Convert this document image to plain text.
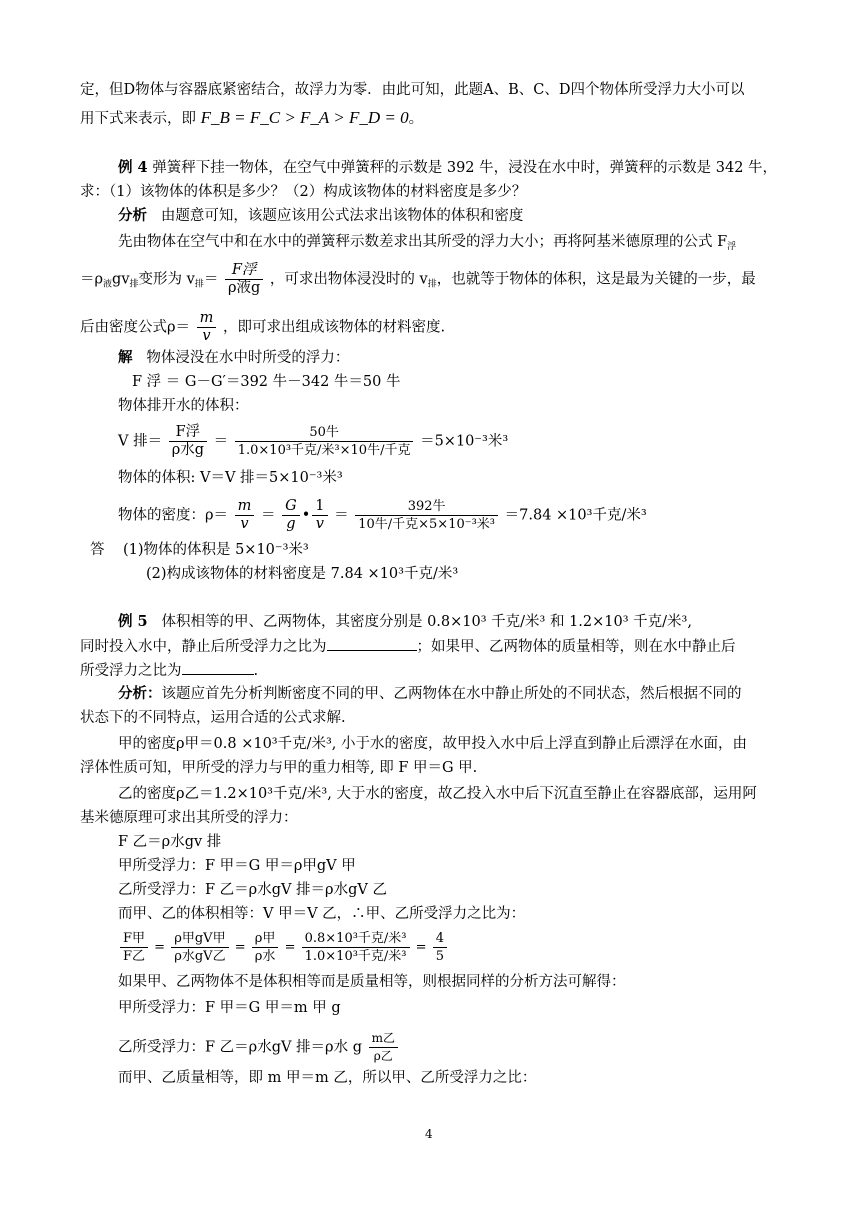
定，但D物体与容器底紧密结合，故浮力为零．由此可知，此题A、B、C、D四个物体所受浮力大小可以
用下式来表示，即 F_B = F_C > F_A > F_D = 0。
例 4 弹簧秤下挂一物体，在空气中弹簧秤的示数是 392 牛，浸没在水中时，弹簧秤的示数是 342 牛，
求：（1）该物体的体积是多少？（2）构成该物体的材料密度是多少？
分析 由题意可知，该题应该用公式法求出该物体的体积和密度
先由物体在空气中和在水中的弹簧秤示数差求出其所受的浮力大小；再将阿基米德原理的公式 $F_浮$
$=\rho_液gv_排$变形为 $v_排= \frac{\text{F浮}}{\text{ρ液g}}$ ，可求出物体浸没时的 $v_排$，也就等于物体的体积，这是最为关键的一步，最
后由密度公式$\rho= \frac{m}{v}$ ，即可求出组成该物体的材料密度.
解 物体浸没在水中时所受的浮力：
F 浮 ＝ G－G′＝392 牛－342 牛＝50 牛
物体排开水的体积：
V 排＝ $\frac{\text{F浮}}{\text{ρ水g}} = \frac{\text{50牛}}{\text{1.0×10³千克/米³×10牛/千克}} =5\times 10^{-3}$米³
物体的体积: V＝V 排＝5×10⁻³米³
物体的密度：$\rho= \frac{m}{v} = \frac{G}{g}$ • $\frac{1}{v} = \frac{\text{392牛}}{\text{10牛/千克×5×10⁻³米³}} =7.84 \times 10^3$千克/米³
答 (1)物体的体积是 5×10⁻³米³
(2)构成该物体的材料密度是 7.84 ×10³千克/米³
例 5 体积相等的甲、乙两物体，其密度分别是 0.8×10³ 千克/米³ 和 1.2×10³ 千克/米³,
同时投入水中，静止后所受浮力之比为	；如果甲、乙两物体的质量相等，则在水中静止后
所受浮力之比为	.
分析：该题应首先分析判断密度不同的甲、乙两物体在水中静止所处的不同状态，然后根据不同的
状态下的不同特点，运用合适的公式求解.
甲的密度ρ甲＝0.8 ×10³千克/米³, 小于水的密度，故甲投入水中后上浮直到静止后漂浮在水面，由
浮体性质可知，甲所受的浮力与甲的重力相等, 即 F 甲＝G 甲.
乙的密度ρ乙＝1.2×10³千克/米³, 大于水的密度，故乙投入水中后下沉直至静止在容器底部，运用阿
基米德原理可求出其所受的浮力：
F 乙＝ρ水gv 排
甲所受浮力：F 甲＝G 甲＝ρ甲gV 甲
乙所受浮力：F 乙＝ρ水gV 排＝ρ水gV 乙
而甲、乙的体积相等：V 甲＝V 乙，∴甲、乙所受浮力之比为：
$\frac{\text{F甲}}{\text{F乙}} = \frac{\text{ρ甲gV甲}}{\text{ρ水gV乙}} = \frac{\text{ρ甲}}{\text{ρ水}} = \frac{\text{0.8×10³千克/米³}}{\text{1.0×10³千克/米³}} = \frac{4}{5}$
如果甲、乙两物体不是体积相等而是质量相等，则根据同样的分析方法可解得：
甲所受浮力：F 甲＝G 甲＝m 甲 g
乙所受浮力：F 乙＝ρ水gV 排＝ρ水 g $\frac{\text{m乙}}{\text{ρ乙}}$
而甲、乙质量相等，即 m 甲＝m 乙，所以甲、乙所受浮力之比：
4
